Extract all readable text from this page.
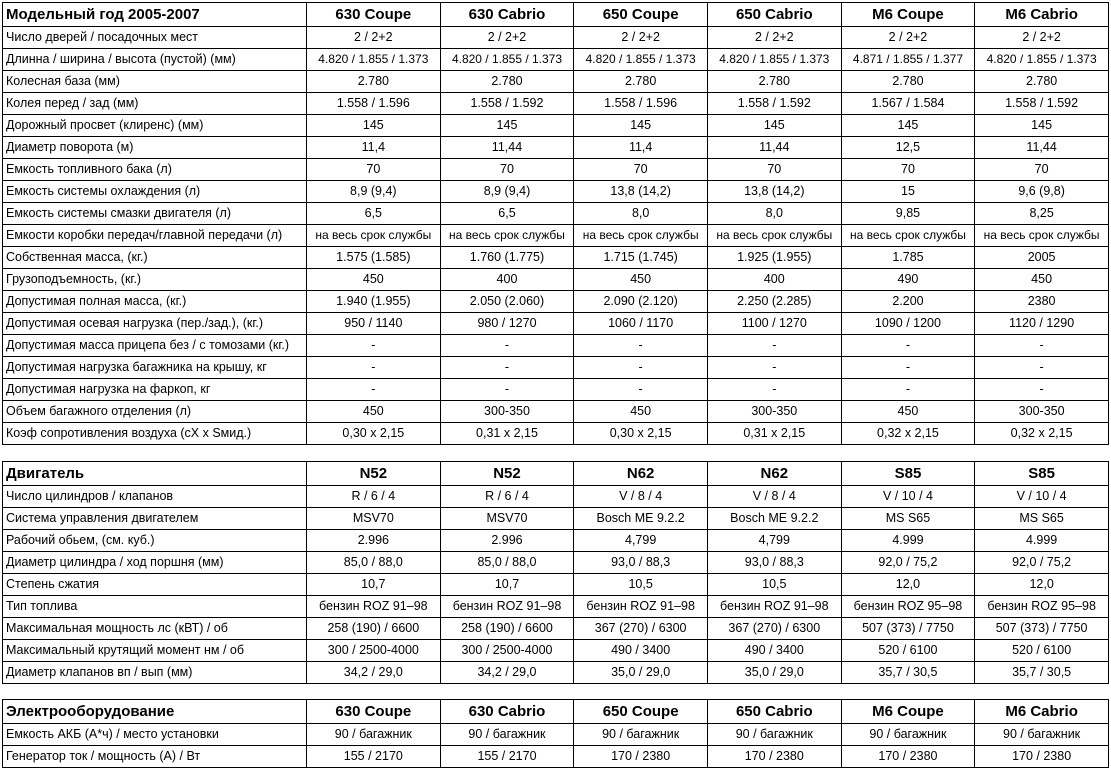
Модельный год 2005-2007	630 Coupe	630 Cabrio	650 Coupe	650 Cabrio	M6 Coupe	M6 Cabrio
Число дверей / посадочных мест	2 / 2+2	2 / 2+2	2 / 2+2	2 / 2+2	2 / 2+2	2 / 2+2
Длинна / ширина / высота (пустой) (мм)	4.820 / 1.855 / 1.373	4.820 / 1.855 / 1.373	4.820 / 1.855 / 1.373	4.820 / 1.855 / 1.373	4.871 / 1.855 / 1.377	4.820 / 1.855 / 1.373
Колесная база (мм)	2.780	2.780	2.780	2.780	2.780	2.780
Колея перед / зад (мм)	1.558 / 1.596	1.558 / 1.592	1.558 / 1.596	1.558 / 1.592	1.567 / 1.584	1.558 / 1.592
Дорожный просвет (клиренс) (мм)	145	145	145	145	145	145
Диаметр поворота (м)	11,4	11,44	11,4	11,44	12,5	11,44
Емкость топливного бака (л)	70	70	70	70	70	70
Емкость системы охлаждения (л)	8,9 (9,4)	8,9 (9,4)	13,8 (14,2)	13,8 (14,2)	15	9,6 (9,8)
Емкость системы смазки двигателя (л)	6,5	6,5	8,0	8,0	9,85	8,25
Емкости коробки передач/главной передачи (л)	на весь срок службы	на весь срок службы	на весь срок службы	на весь срок службы	на весь срок службы	на весь срок службы
Собственная масса, (кг.)	1.575 (1.585)	1.760 (1.775)	1.715 (1.745)	1.925 (1.955)	1.785	2005
Грузоподъемность, (кг.)	450	400	450	400	490	450
Допустимая полная масса, (кг.)	1.940 (1.955)	2.050 (2.060)	2.090 (2.120)	2.250 (2.285)	2.200	2380
Допустимая осевая нагрузка (пер./зад.), (кг.)	950 / 1140	980 / 1270	1060 / 1170	1100 / 1270	1090 / 1200	1120 / 1290
Допустимая масса прицепа без / с томозами (кг.)	-	-	-	-	-	-
Допустимая нагрузка багажника на крышу, кг	-	-	-	-	-	-
Допустимая нагрузка на фаркоп, кг	-	-	-	-	-	-
Объем багажного отделения (л)	450	300-350	450	300-350	450	300-350
Коэф сопротивления воздуха (cX x Sмид.)	0,30 x 2,15	0,31 x 2,15	0,30 x 2,15	0,31 x 2,15	0,32 x 2,15	0,32 x 2,15
Двигатель	N52	N52	N62	N62	S85	S85
Число цилиндров / клапанов	R / 6 / 4	R / 6 / 4	V / 8 / 4	V / 8 / 4	V / 10 / 4	V / 10 / 4
Система управления двигателем	MSV70	MSV70	Bosch ME 9.2.2	Bosch ME 9.2.2	MS S65	MS S65
Рабочий обьем, (см. куб.)	2.996	2.996	4,799	4,799	4.999	4.999
Диаметр цилиндра / ход поршня (мм)	85,0 / 88,0	85,0 / 88,0	93,0 / 88,3	93,0 / 88,3	92,0 / 75,2	92,0 / 75,2
Степень сжатия	10,7	10,7	10,5	10,5	12,0	12,0
Тип топлива	бензин ROZ 91–98	бензин ROZ 91–98	бензин ROZ 91–98	бензин ROZ 91–98	бензин ROZ 95–98	бензин ROZ 95–98
Максимальная мощность лс (кВТ) / об	258 (190) / 6600	258 (190) / 6600	367 (270) / 6300	367 (270) / 6300	507 (373) / 7750	507 (373) / 7750
Максимальный крутящий момент нм / об	300 / 2500-4000	300 / 2500-4000	490 / 3400	490 / 3400	520 / 6100	520 / 6100
Диаметр клапанов вп / вып (мм)	34,2 / 29,0	34,2 / 29,0	35,0 / 29,0	35,0 / 29,0	35,7 / 30,5	35,7 / 30,5
Электрооборудование	630 Coupe	630 Cabrio	650 Coupe	650 Cabrio	M6 Coupe	M6 Cabrio
Емкость АКБ (А*ч) / место установки	90 / багажник	90 / багажник	90 / багажник	90 / багажник	90 / багажник	90 / багажник
Генератор ток / мощность (А) / Вт	155 / 2170	155 / 2170	170 / 2380	170 / 2380	170 / 2380	170 / 2380
